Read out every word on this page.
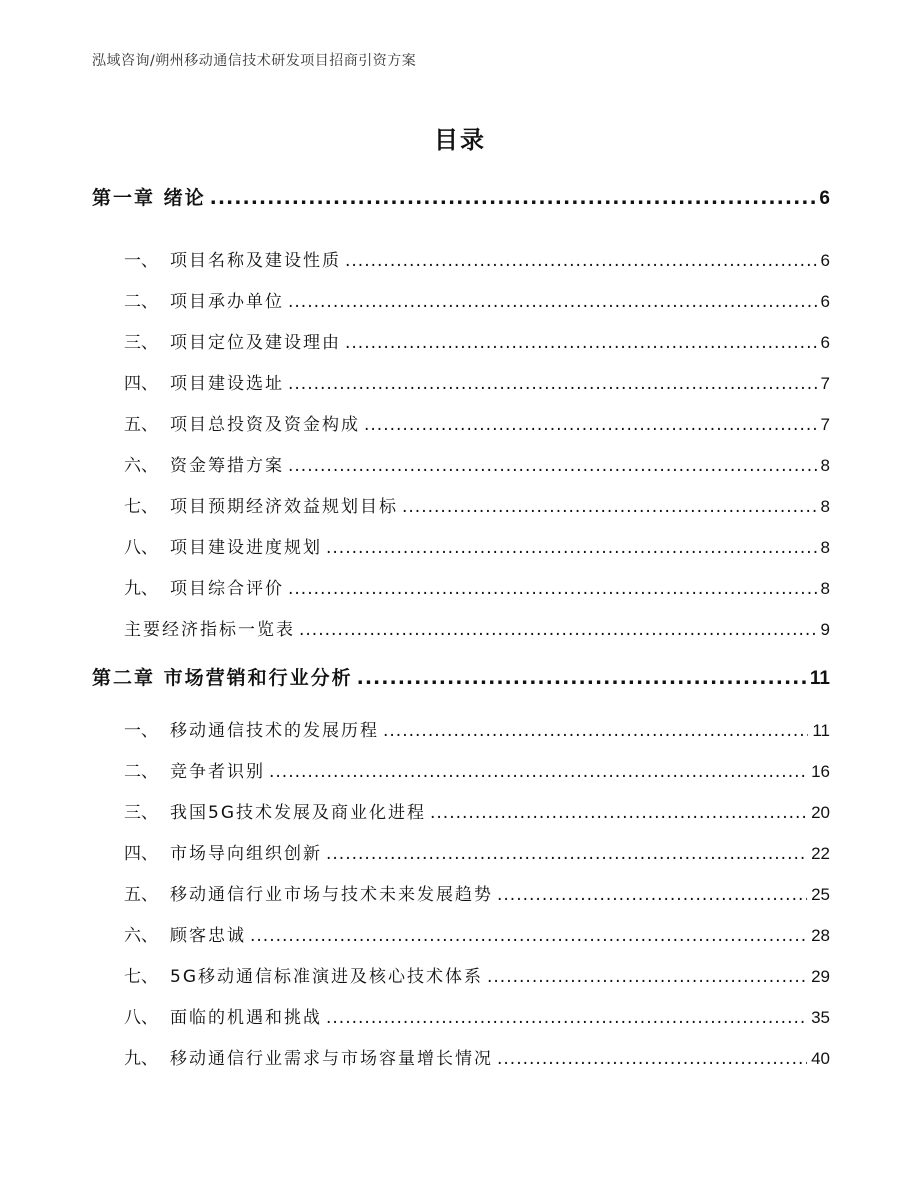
泓域咨询/朔州移动通信技术研发项目招商引资方案
目录
第一章 绪论 .....	6
一、 项目名称及建设性质 .....	6
二、 项目承办单位 .....	6
三、 项目定位及建设理由 .....	6
四、 项目建设选址 .....	7
五、 项目总投资及资金构成 .....	7
六、 资金筹措方案 .....	8
七、 项目预期经济效益规划目标 .....	8
八、 项目建设进度规划 .....	8
九、 项目综合评价 .....	8
主要经济指标一览表 .....	9
第二章 市场营销和行业分析 .....	11
一、 移动通信技术的发展历程 .....	11
二、 竞争者识别 .....	16
三、 我国5G技术发展及商业化进程 .....	20
四、 市场导向组织创新 .....	22
五、 移动通信行业市场与技术未来发展趋势 .....	25
六、 顾客忠诚 .....	28
七、 5G移动通信标准演进及核心技术体系 .....	29
八、 面临的机遇和挑战 .....	35
九、 移动通信行业需求与市场容量增长情况 .....	40
